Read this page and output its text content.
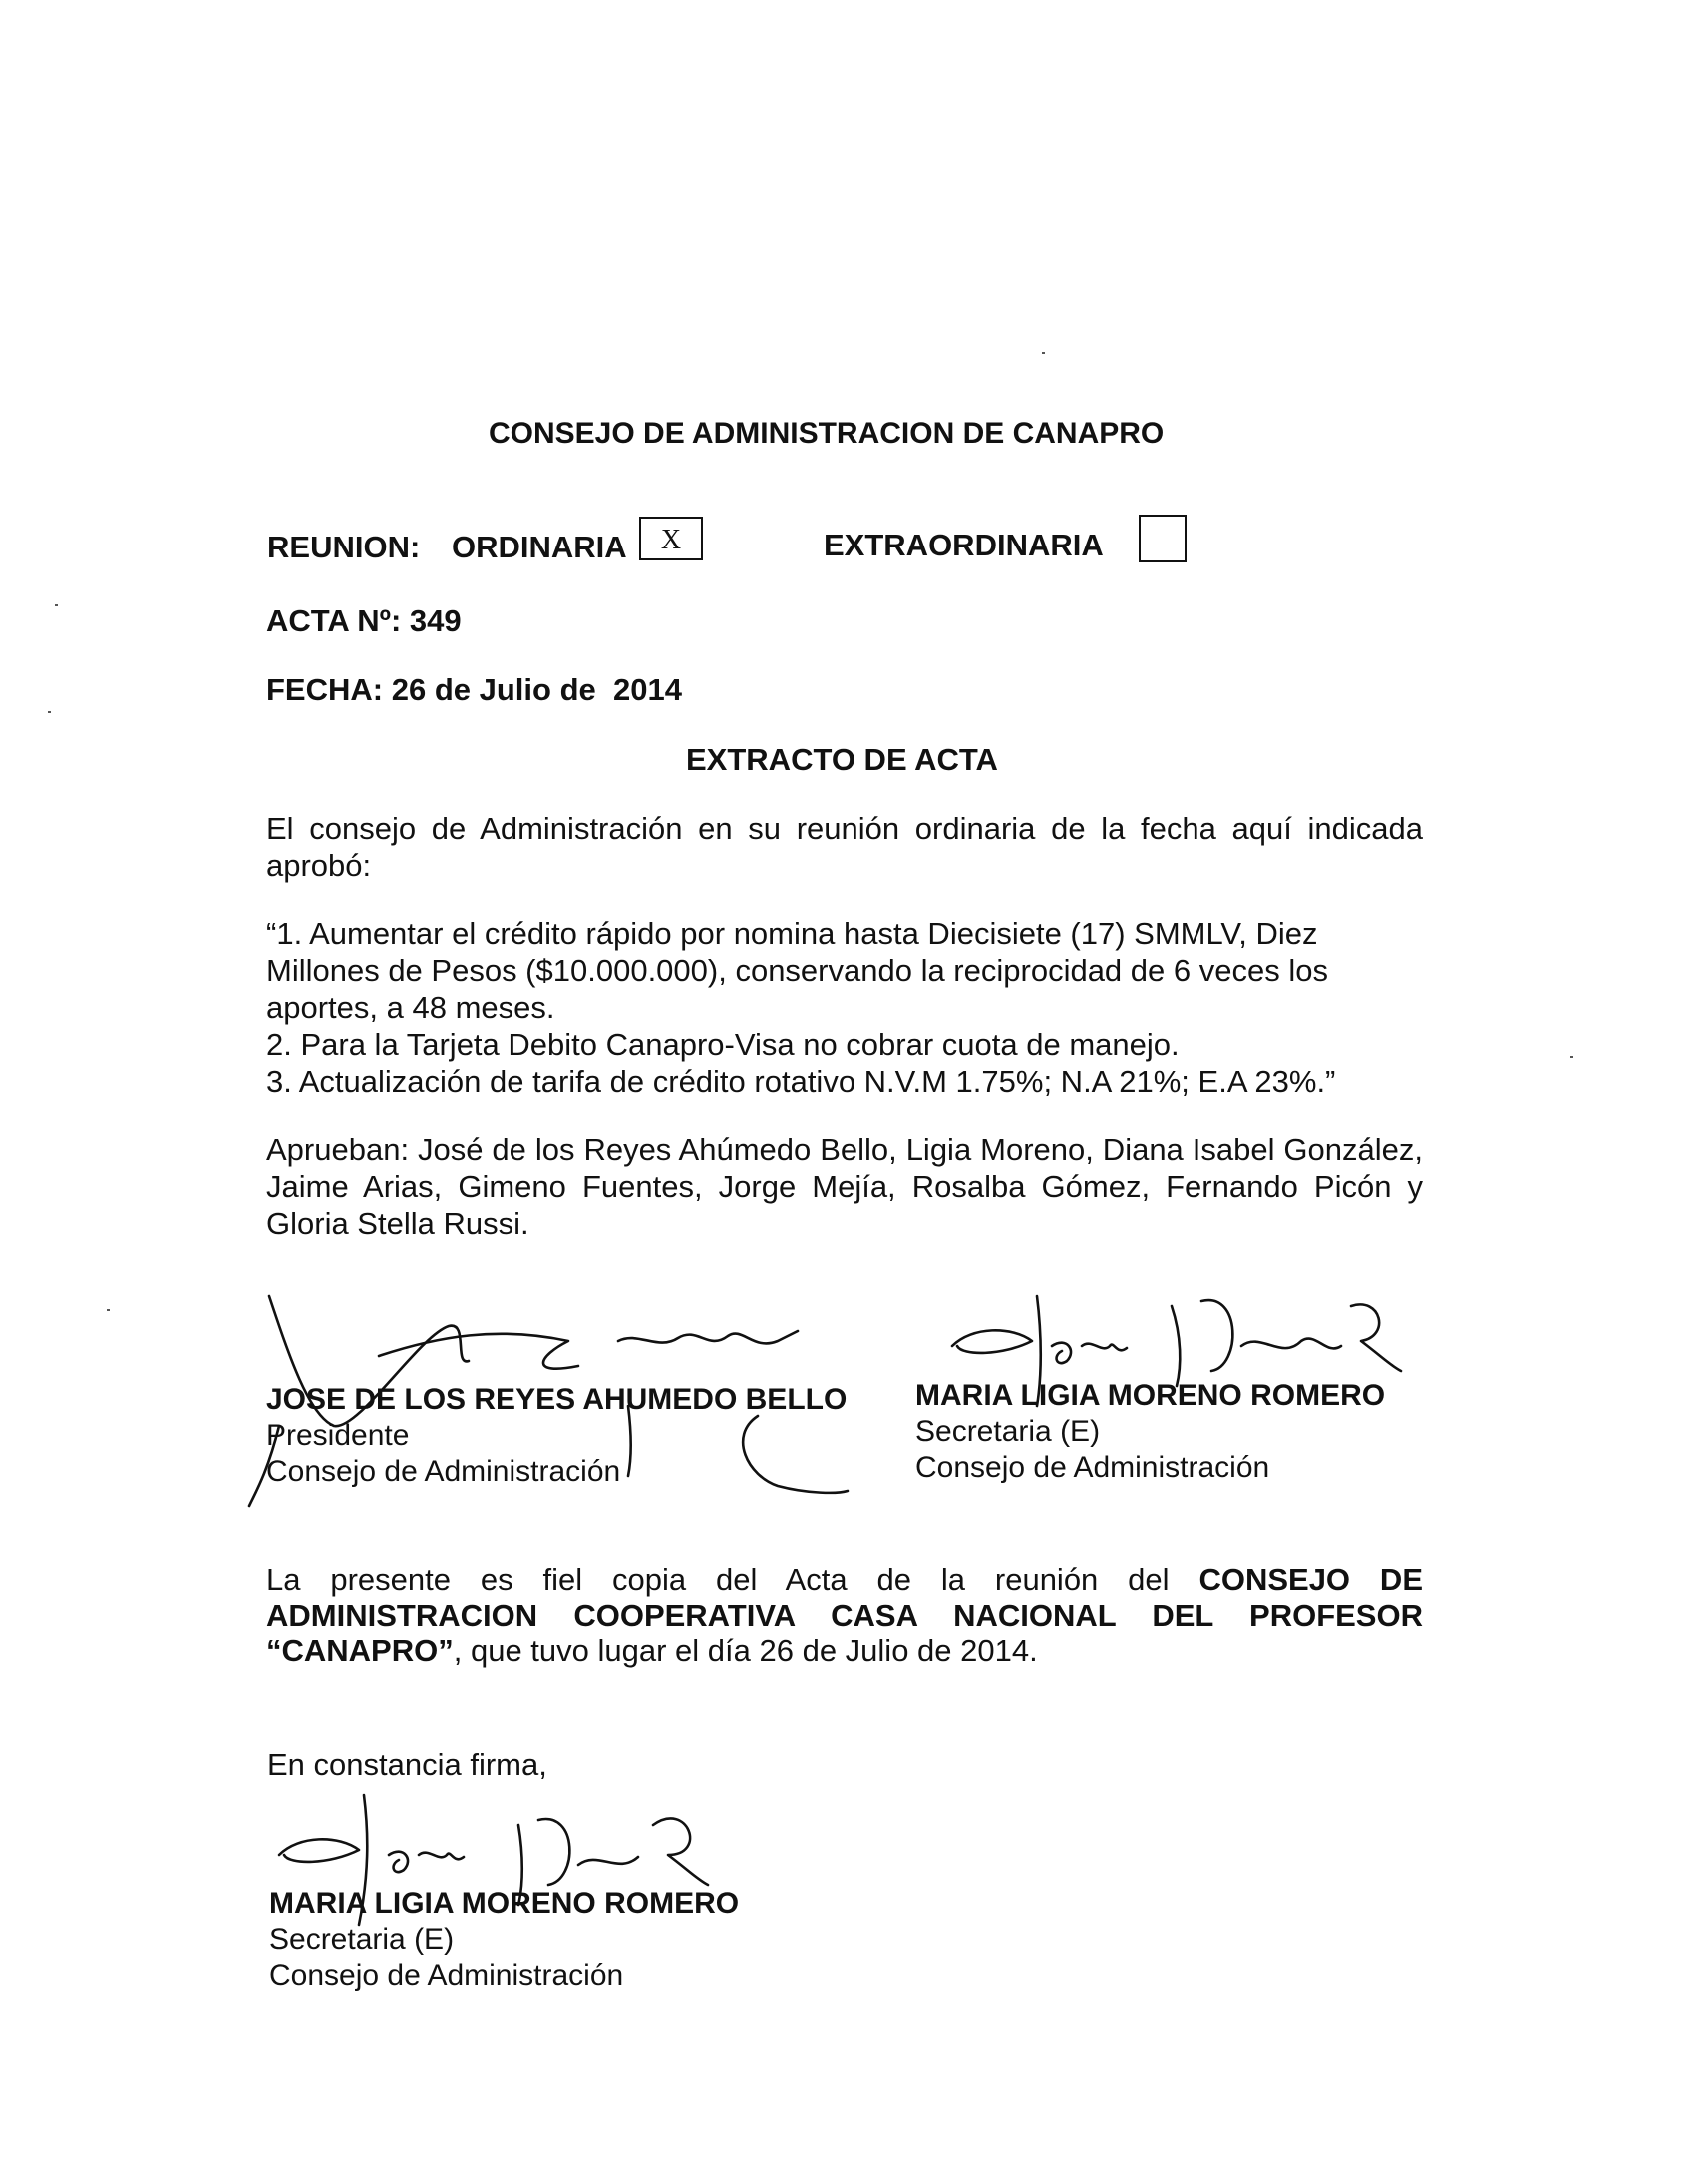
CONSEJO DE ADMINISTRACION DE CANAPRO
REUNION: ORDINARIA	X	EXTRAORDINARIA
ACTA Nº: 349
FECHA: 26 de Julio de  2014
EXTRACTO DE ACTA
El consejo de Administración en su reunión ordinaria de la fecha aquí indicada aprobó:
“1. Aumentar el crédito rápido por nomina hasta Diecisiete (17) SMMLV, Diez Millones de Pesos ($10.000.000), conservando la reciprocidad de 6 veces los aportes, a 48 meses.
2. Para la Tarjeta Debito Canapro-Visa no cobrar cuota de manejo.
3. Actualización de tarifa de crédito rotativo N.V.M 1.75%; N.A 21%; E.A 23%.”
Aprueban: José de los Reyes Ahúmedo Bello, Ligia Moreno, Diana Isabel González, Jaime Arias, Gimeno Fuentes, Jorge Mejía, Rosalba Gómez, Fernando Picón y Gloria Stella Russi.
JOSE DE LOS REYES AHUMEDO BELLO
Presidente
Consejo de Administración
MARIA LIGIA MORENO ROMERO
Secretaria (E)
Consejo de Administración
La presente es fiel copia del Acta de la reunión del CONSEJO DE ADMINISTRACION COOPERATIVA CASA NACIONAL DEL PROFESOR “CANAPRO”, que tuvo lugar el día 26 de Julio de 2014.
En constancia firma,
MARIA LIGIA MORENO ROMERO
Secretaria (E)
Consejo de Administración
